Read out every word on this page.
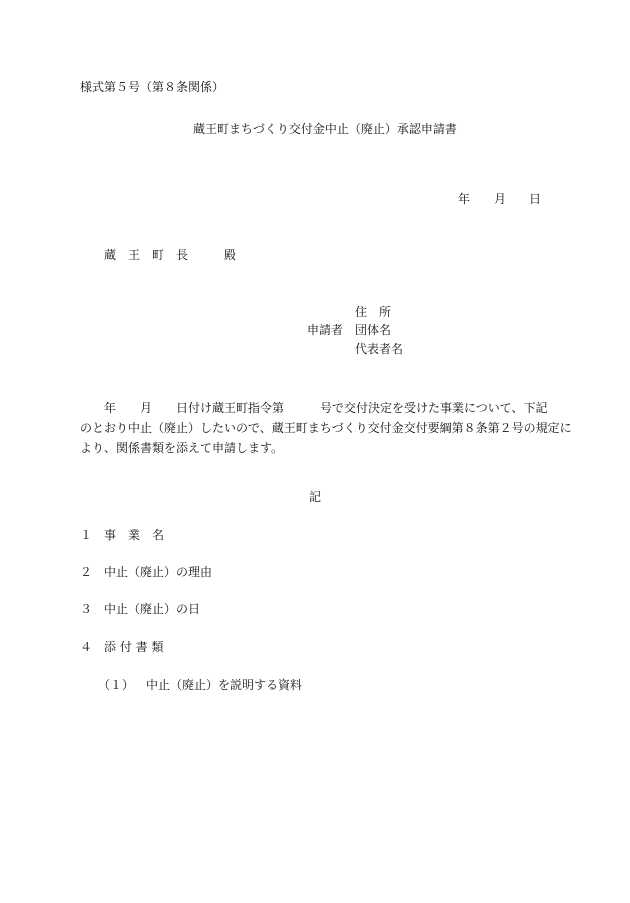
様式第５号（第８条関係）
蔵王町まちづくり交付金中止（廃止）承認申請書
年 月 日
蔵 王 町 長	殿
住　所
申請者 団体名
代表者名
　　年　　月　　日付け蔵王町指令第　　　号で交付決定を受けた事業について、下記
のとおり中止（廃止）したいので、蔵王町まちづくり交付金交付要綱第８条第２号の規定に
より、関係書類を添えて申請します。
記
１ 事　業　名
２ 中止（廃止）の理由
３ 中止（廃止）の日
４ 添 付 書 類
（１） 中止（廃止）を説明する資料
